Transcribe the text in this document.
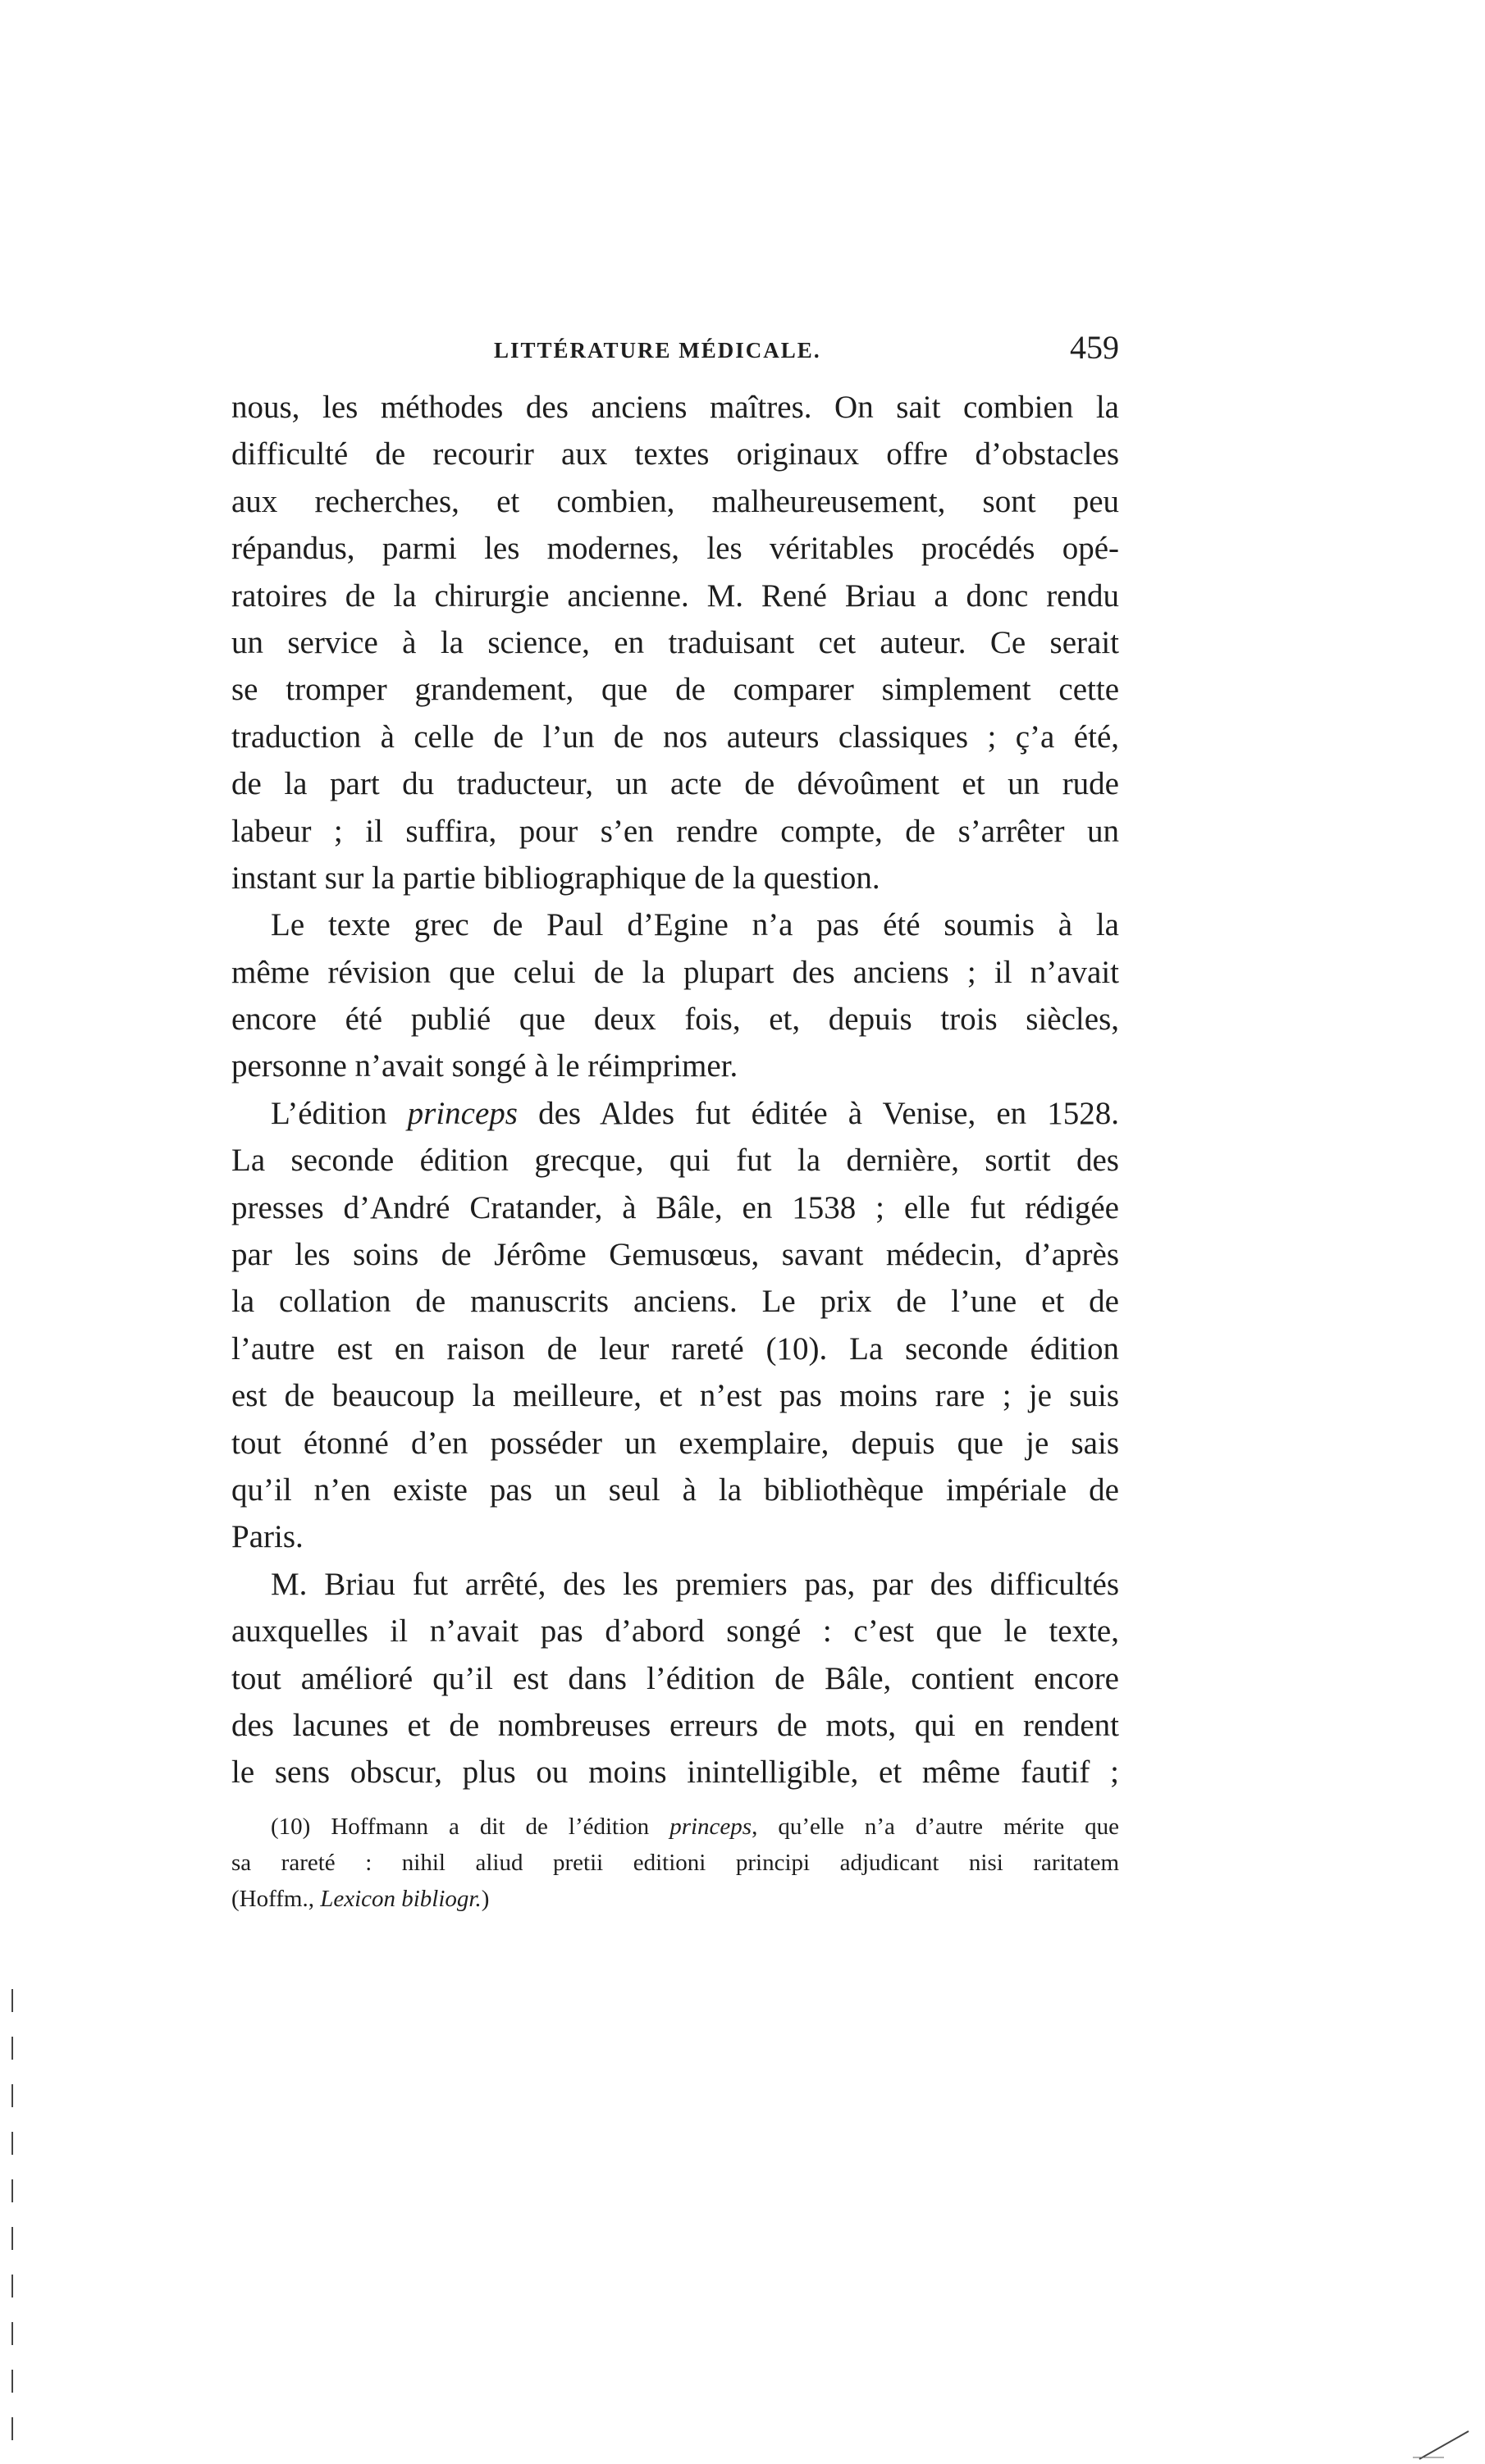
LITTÉRATURE MÉDICALE.	459
nous, les méthodes des anciens maîtres. On sait combien la
difficulté de recourir aux textes originaux offre d’obstacles
aux recherches, et combien, malheureusement, sont peu
répandus, parmi les modernes, les véritables procédés opé-
ratoires de la chirurgie ancienne. M. René Briau a donc rendu
un service à la science, en traduisant cet auteur. Ce serait
se tromper grandement, que de comparer simplement cette
traduction à celle de l’un de nos auteurs classiques ; ç’a été,
de la part du traducteur, un acte de dévoûment et un rude
labeur ; il suffira, pour s’en rendre compte, de s’arrêter un
instant sur la partie bibliographique de la question.
Le texte grec de Paul d’Egine n’a pas été soumis à la
même révision que celui de la plupart des anciens ; il n’avait
encore été publié que deux fois, et, depuis trois siècles,
personne n’avait songé à le réimprimer.
L’édition princeps des Aldes fut éditée à Venise, en 1528.
La seconde édition grecque, qui fut la dernière, sortit des
presses d’André Cratander, à Bâle, en 1538 ; elle fut rédigée
par les soins de Jérôme Gemusœus, savant médecin, d’après
la collation de manuscrits anciens. Le prix de l’une et de
l’autre est en raison de leur rareté (10). La seconde édition
est de beaucoup la meilleure, et n’est pas moins rare ; je suis
tout étonné d’en posséder un exemplaire, depuis que je sais
qu’il n’en existe pas un seul à la bibliothèque impériale de
Paris.
M. Briau fut arrêté, des les premiers pas, par des difficultés
auxquelles il n’avait pas d’abord songé : c’est que le texte,
tout amélioré qu’il est dans l’édition de Bâle, contient encore
des lacunes et de nombreuses erreurs de mots, qui en rendent
le sens obscur, plus ou moins inintelligible, et même fautif ;
(10) Hoffmann a dit de l’édition princeps, qu’elle n’a d’autre mérite que
sa rareté : nihil aliud pretii editioni principi adjudicant nisi raritatem
(Hoffm., Lexicon bibliogr.)
